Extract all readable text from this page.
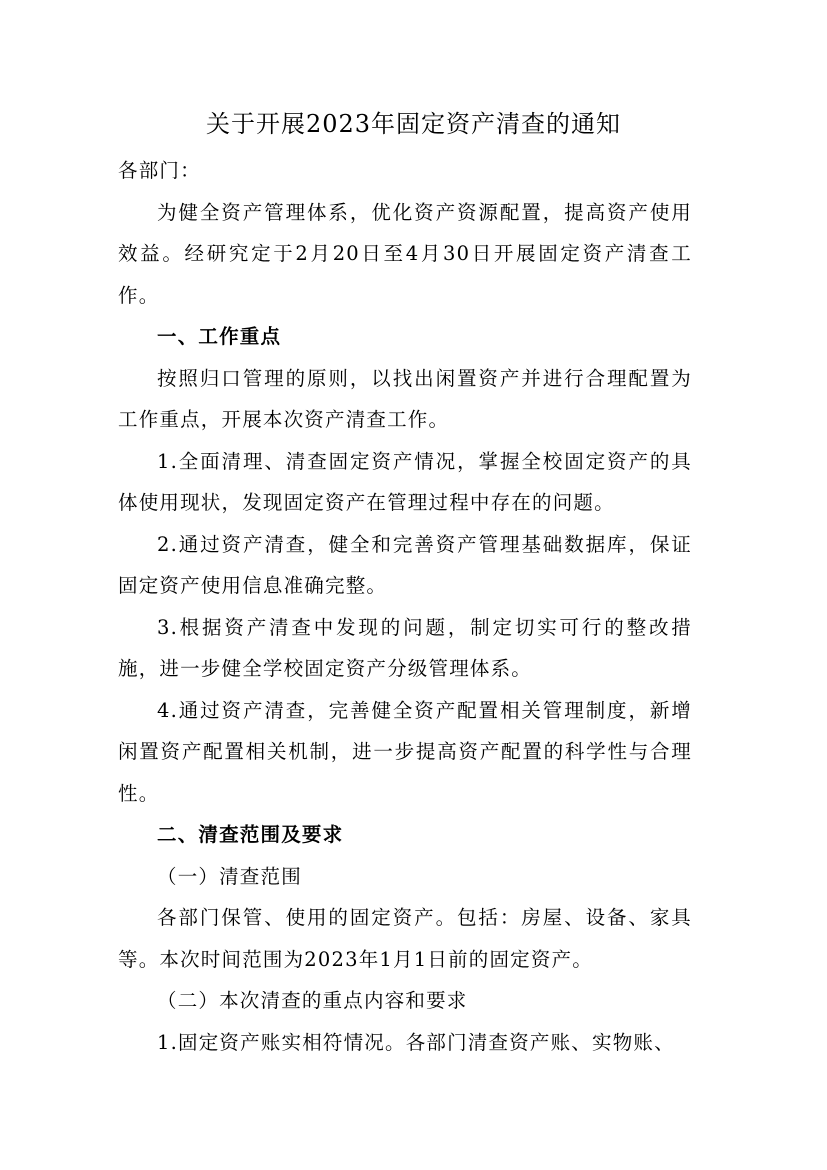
关于开展2023年固定资产清查的通知

各部门：

为健全资产管理体系，优化资产资源配置，提高资产使用效益。经研究定于2月20日至4月30日开展固定资产清查工作。

一、工作重点

按照归口管理的原则，以找出闲置资产并进行合理配置为工作重点，开展本次资产清查工作。

1.全面清理、清查固定资产情况，掌握全校固定资产的具体使用现状，发现固定资产在管理过程中存在的问题。

2.通过资产清查，健全和完善资产管理基础数据库，保证固定资产使用信息准确完整。

3.根据资产清查中发现的问题，制定切实可行的整改措施，进一步健全学校固定资产分级管理体系。

4.通过资产清查，完善健全资产配置相关管理制度，新增闲置资产配置相关机制，进一步提高资产配置的科学性与合理性。

二、清查范围及要求

（一）清查范围

各部门保管、使用的固定资产。包括：房屋、设备、家具等。本次时间范围为2023年1月1日前的固定资产。

（二）本次清查的重点内容和要求

1.固定资产账实相符情况。各部门清查资产账、实物账、
